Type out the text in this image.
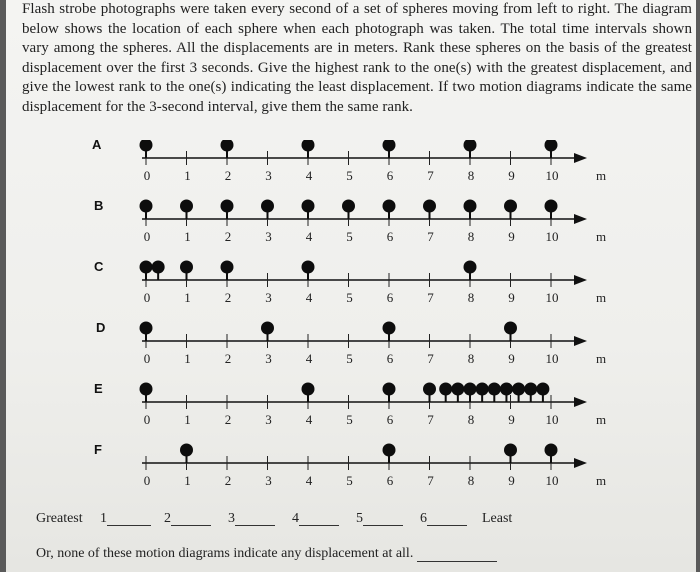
Flash strobe photographs were taken every second of a set of spheres moving from left to right. The diagram below shows the location of each sphere when each photograph was taken. The total time intervals shown vary among the spheres. All the displacements are in meters. Rank these spheres on the basis of the greatest displacement over the first 3 seconds. Give the highest rank to the one(s) with the greatest displacement, and give the lowest rank to the one(s) indicating the least displacement. If two motion diagrams indicate the same displacement for the 3-second interval, give them the same rank.
0	1	2	3	4	5	6	7	8	9 10	m
0	1	2	3	4	5	6	7	8	9 10	m
0	1	2	3	4	5	6	7	8	9 10	m
0	1	2	3	4	5	6	7	8	9 10	m
0	1	2	3	4	5	6	7	8	9 10	m
0	1	2	3	4	5	6	7	8	9 10	m
A
B
C
D
E
F
Greatest 1	2	3	4	5	6	Least
Or, none of these motion diagrams indicate any displacement at all.
